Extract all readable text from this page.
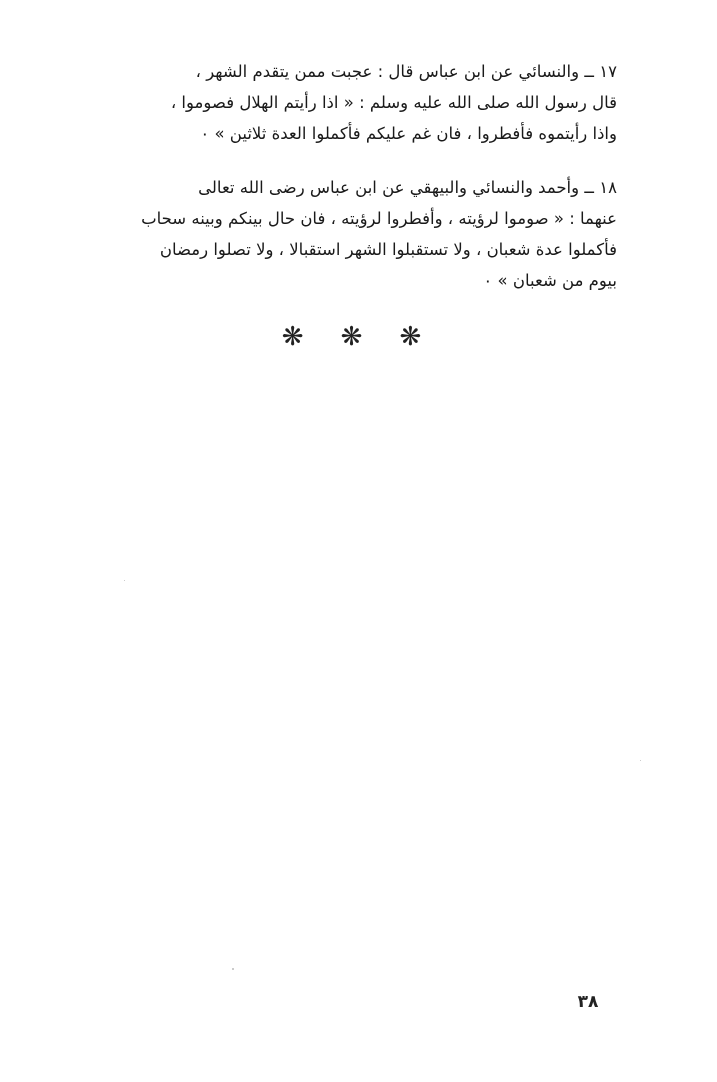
١٧ ــ والنسائي عن ابن عباس قال : عجبت ممن يتقدم الشهر ،
قال رسول الله صلى الله عليه وسلم : « اذا رأيتم الهلال فصوموا ،
واذا رأيتموه فأفطروا ، فان غم عليكم فأكملوا العدة ثلاثين » ٠
١٨ ــ وأحمد والنسائي والبيهقي عن ابن عباس رضى الله تعالى
عنهما : « صوموا لرؤيته ، وأفطروا لرؤيته ، فان حال بينكم وبينه سحاب
فأكملوا عدة شعبان ، ولا تستقبلوا الشهر استقبالا ، ولا تصلوا رمضان
بيوم من شعبان » ٠
❋ ❋ ❋
٣٨
